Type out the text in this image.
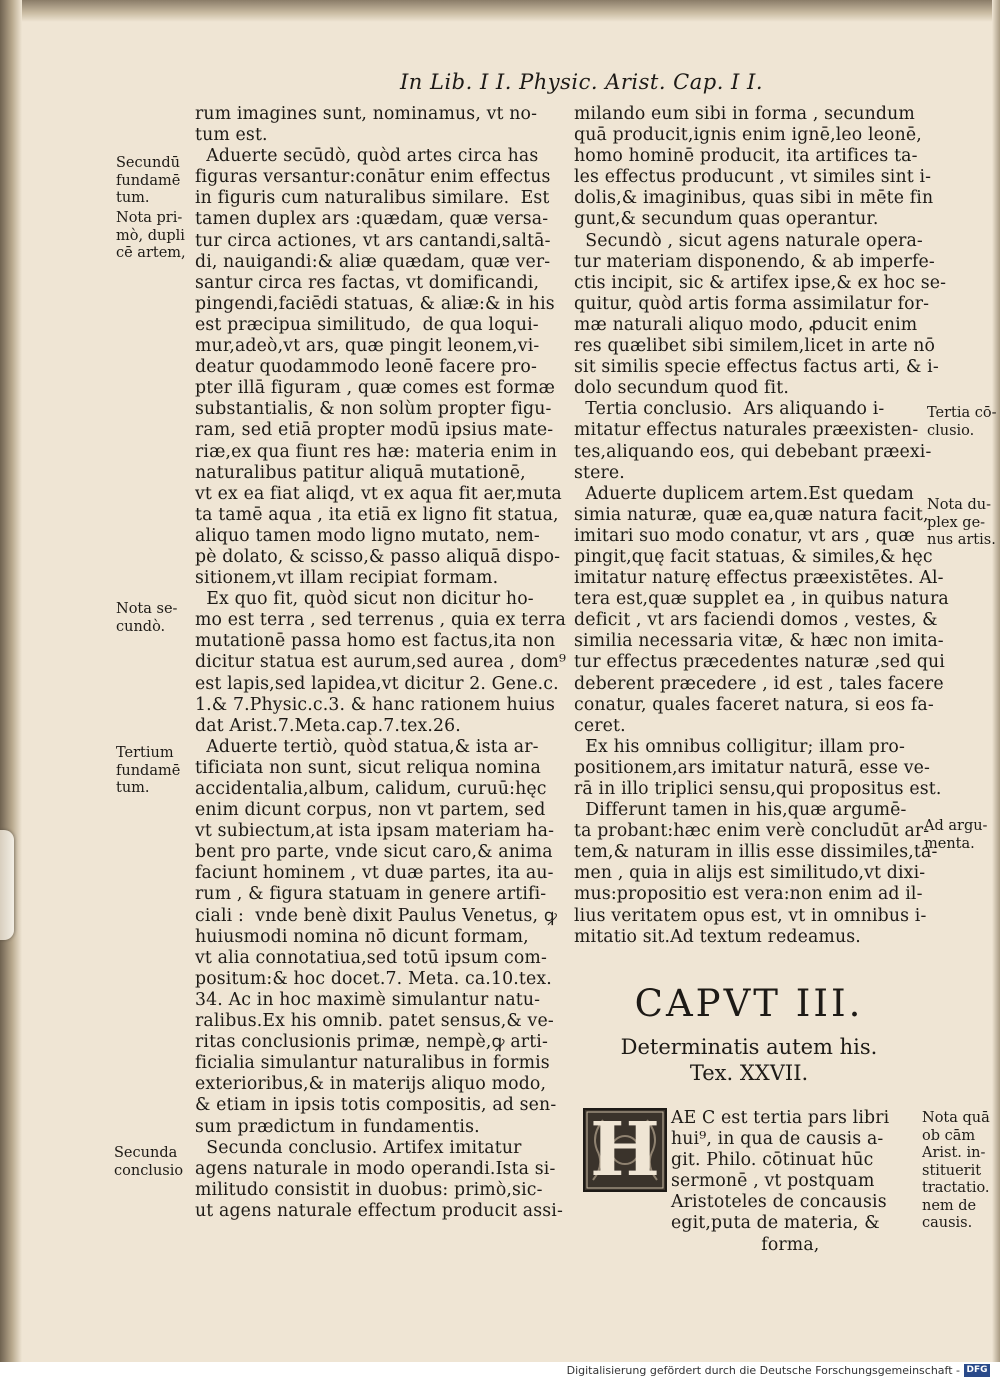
In Lib. I I. Physic. Arist. Cap. I I.
rum imagines sunt, nominamus, vt no-
tum est.
Aduerte secūdò, quòd artes circa has
figuras versantur:conātur enim effectus
in figuris cum naturalibus similare.  Est
tamen duplex ars :quædam, quæ versa-
tur circa actiones, vt ars cantandi,saltā-
di, nauigandi:& aliæ quædam, quæ ver-
santur circa res factas, vt domificandi,
pingendi,faciēdi statuas, & aliæ:& in his
est præcipua similitudo,  de qua loqui-
mur,adeò,vt ars, quæ pingit leonem,vi-
deatur quodammodo leonē facere pro-
pter illā figuram , quæ comes est formæ
substantialis, & non solùm propter figu-
ram, sed etiā propter modū ipsius mate-
riæ,ex qua fiunt res hæ: materia enim in
naturalibus patitur aliquā mutationē,
vt ex ea fiat aliqd, vt ex aqua fit aer,muta
ta tamē aqua , ita etiā ex ligno fit statua,
aliquo tamen modo ligno mutato, nem-
pè dolato, & scisso,& passo aliquā dispo-
sitionem,vt illam recipiat formam.
Ex quo fit, quòd sicut non dicitur ho-
mo est terra , sed terrenus , quia ex terra
mutationē passa homo est factus,ita non
dicitur statua est aurum,sed aurea , dom⁹
est lapis,sed lapidea,vt dicitur 2. Gene.c.
1.& 7.Physic.c.3. & hanc rationem huius
dat Arist.7.Meta.cap.7.tex.26.
Aduerte tertiò, quòd statua,& ista ar-
tificiata non sunt, sicut reliqua nomina
accidentalia,album, calidum, curuū:hęc
enim dicunt corpus, non vt partem, sed
vt subiectum,at ista ipsam materiam ha-
bent pro parte, vnde sicut caro,& anima
faciunt hominem , vt duæ partes, ita au-
rum , & figura statuam in genere artifi-
ciali :  vnde benè dixit Paulus Venetus, ꝙ
huiusmodi nomina nō dicunt formam,
vt alia connotatiua,sed totū ipsum com-
positum:& hoc docet.7. Meta. ca.10.tex.
34. Ac in hoc maximè simulantur natu-
ralibus.Ex his omnib. patet sensus,& ve-
ritas conclusionis primæ, nempè,ꝙ arti-
ficialia simulantur naturalibus in formis
exterioribus,& in materijs aliquo modo,
& etiam in ipsis totis compositis, ad sen-
sum prædictum in fundamentis.
Secunda conclusio. Artifex imitatur
agens naturale in modo operandi.Ista si-
militudo consistit in duobus: primò,sic-
ut agens naturale effectum producit assi-
milando eum sibi in forma , secundum
quā producit,ignis enim ignē,leo leonē,
homo hominē producit, ita artifices ta-
les effectus producunt , vt similes sint i-
dolis,& imaginibus, quas sibi in mēte fin
gunt,& secundum quas operantur.
Secundò , sicut agens naturale opera-
tur materiam disponendo, & ab imperfe-
ctis incipit, sic & artifex ipse,& ex hoc se-
quitur, quòd artis forma assimilatur for-
mæ naturali aliquo modo, ꝓducit enim
res quælibet sibi similem,licet in arte nō
sit similis specie effectus factus arti, & i-
dolo secundum quod fit.
Tertia conclusio.  Ars aliquando i-
mitatur effectus naturales præexisten-
tes,aliquando eos, qui debebant præexi-
stere.
Aduerte duplicem artem.Est quedam
simia naturæ, quæ ea,quæ natura facit,
imitari suo modo conatur, vt ars , quæ
pingit,quę facit statuas, & similes,& hęc
imitatur naturę effectus præexistētes. Al-
tera est,quæ supplet ea , in quibus natura
deficit , vt ars faciendi domos , vestes, &
similia necessaria vitæ, & hæc non imita-
tur effectus præcedentes naturæ ,sed qui
deberent præcedere , id est , tales facere
conatur, quales faceret natura, si eos fa-
ceret.
Ex his omnibus colligitur; illam pro-
positionem,ars imitatur naturā, esse ve-
rā in illo triplici sensu,qui propositus est.
Differunt tamen in his,quæ argumē-
ta probant:hæc enim verè concludūt ar-
tem,& naturam in illis esse dissimiles,ta-
men , quia in alijs est similitudo,vt dixi-
mus:propositio est vera:non enim ad il-
lius veritatem opus est, vt in omnibus i-
mitatio sit.Ad textum redeamus.
Secundū
fundamē
tum.
Nota pri-
mò, dupli
cē artem,
Nota se-
cundò.
Tertium
fundamē
tum.
Secunda
conclusio
Tertia cō-
clusio.
Nota du-
plex ge-
nus artis.
Ad argu-
menta.
Nota quā
ob cām
Arist. in-
stituerit
tractatio.
nem de
causis.
CAPVT III.
Determinatis autem his.
Tex. XXVII.
H AE C est tertia pars libri
hui⁹, in qua de causis a-
git. Philo. cōtinuat hūc
sermonē , vt postquam
Aristoteles de concausis
egit,puta de materia, &
forma,
Digitalisierung gefördert durch die Deutsche Forschungsgemeinschaft - DFG
